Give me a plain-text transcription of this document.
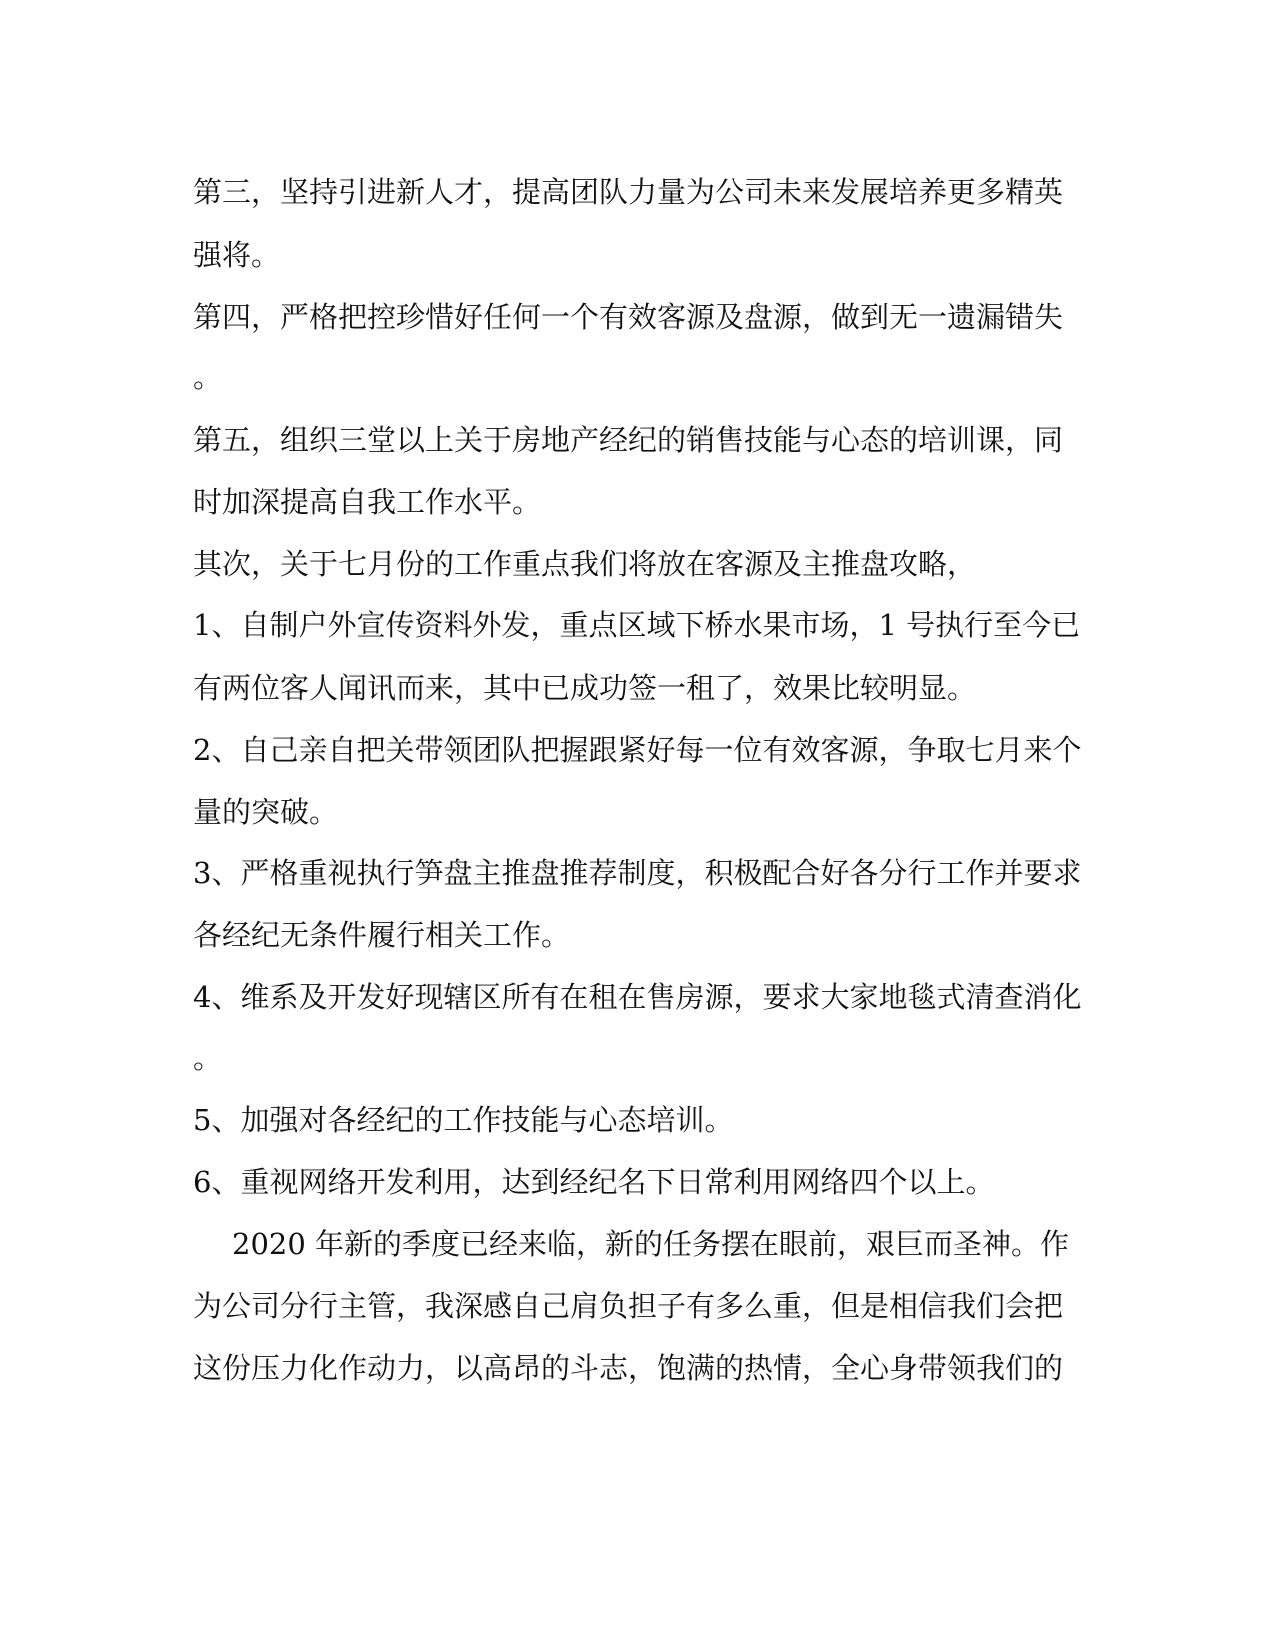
第三，坚持引进新人才，提高团队力量为公司未来发展培养更多精英
强将。
第四，严格把控珍惜好任何一个有效客源及盘源，做到无一遗漏错失
。
第五，组织三堂以上关于房地产经纪的销售技能与心态的培训课，同
时加深提高自我工作水平。
其次，关于七月份的工作重点我们将放在客源及主推盘攻略，
1、自制户外宣传资料外发，重点区域下桥水果市场，1 号执行至今已
有两位客人闻讯而来，其中已成功签一租了，效果比较明显。
2、自己亲自把关带领团队把握跟紧好每一位有效客源，争取七月来个
量的突破。
3、严格重视执行笋盘主推盘推荐制度，积极配合好各分行工作并要求
各经纪无条件履行相关工作。
4、维系及开发好现辖区所有在租在售房源，要求大家地毯式清查消化
。
5、加强对各经纪的工作技能与心态培训。
6、重视网络开发利用，达到经纪名下日常利用网络四个以上。
2020 年新的季度已经来临，新的任务摆在眼前，艰巨而圣神。作
为公司分行主管，我深感自己肩负担子有多么重，但是相信我们会把
这份压力化作动力，以高昂的斗志，饱满的热情，全心身带领我们的
